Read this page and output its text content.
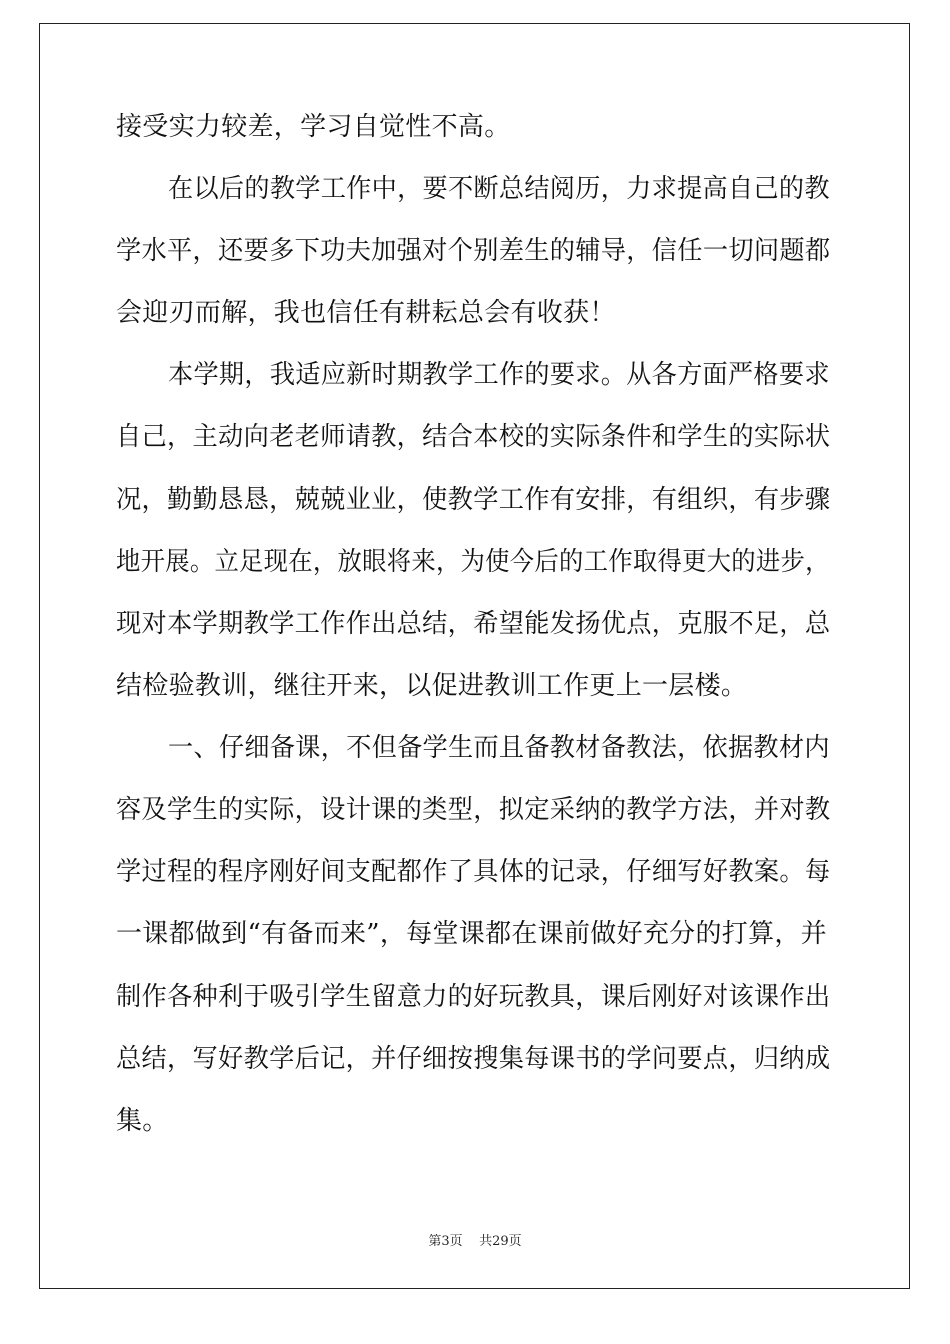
接受实力较差，学习自觉性不高。
在以后的教学工作中，要不断总结阅历，力求提高自己的教
学水平，还要多下功夫加强对个别差生的辅导，信任一切问题都
会迎刃而解，我也信任有耕耘总会有收获！
本学期，我适应新时期教学工作的要求。从各方面严格要求
自己，主动向老老师请教，结合本校的实际条件和学生的实际状
况，勤勤恳恳，兢兢业业，使教学工作有安排，有组织，有步骤
地开展。立足现在，放眼将来，为使今后的工作取得更大的进步，
现对本学期教学工作作出总结，希望能发扬优点，克服不足，总
结检验教训，继往开来，以促进教训工作更上一层楼。
一、仔细备课，不但备学生而且备教材备教法，依据教材内
容及学生的实际，设计课的类型，拟定采纳的教学方法，并对教
学过程的程序刚好间支配都作了具体的记录，仔细写好教案。每
一课都做到“有备而来”，每堂课都在课前做好充分的打算，并
制作各种利于吸引学生留意力的好玩教具，课后刚好对该课作出
总结，写好教学后记，并仔细按搜集每课书的学问要点，归纳成
集。
第3页    共29页
